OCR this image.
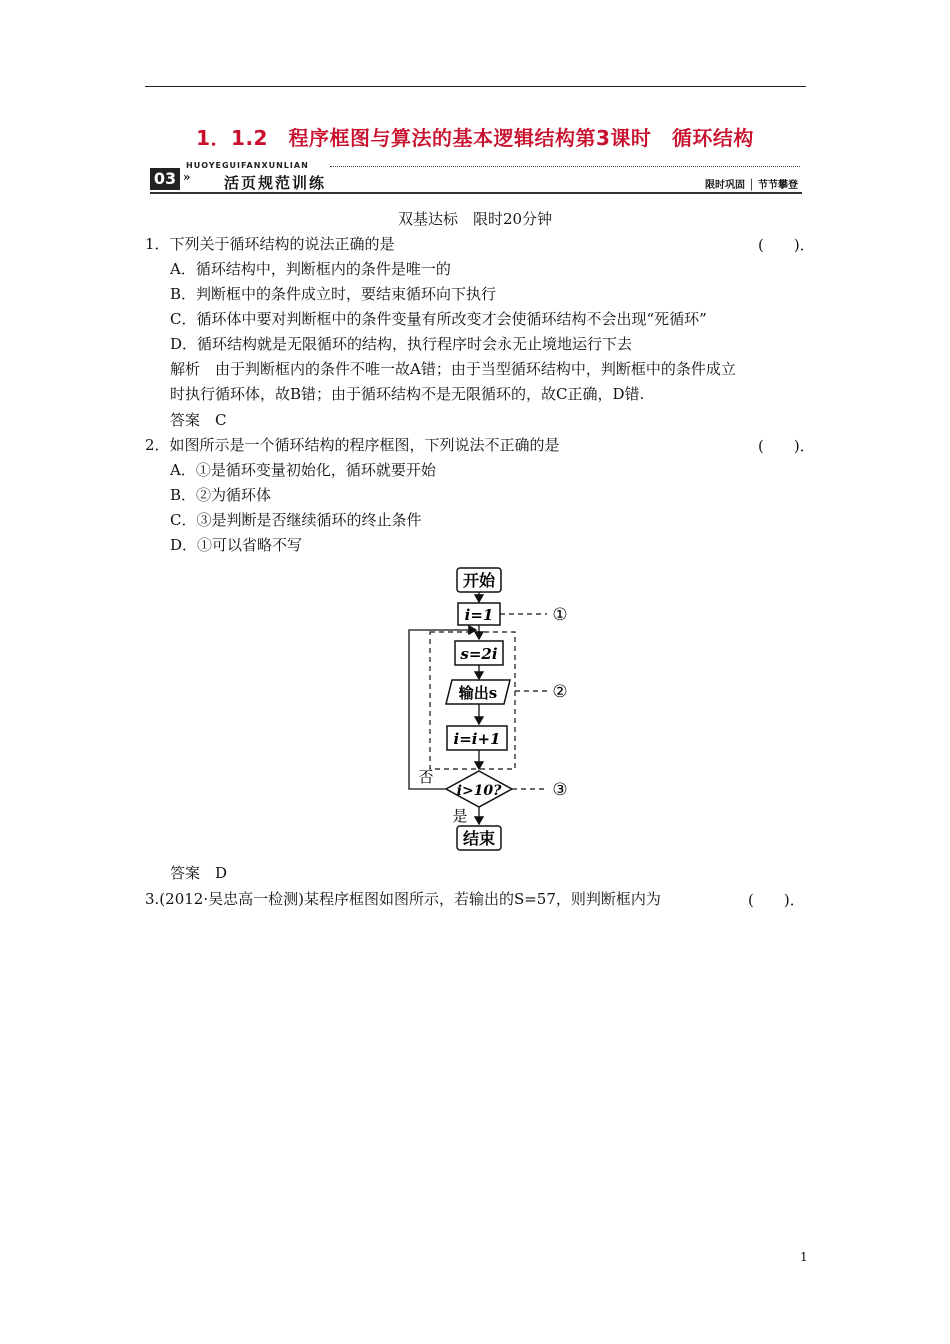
1．1.2　程序框图与算法的基本逻辑结构第3课时　循环结构
HUOYEGUIFANXUNLIAN
03 » 活页规范训练	限时巩固 │ 节节攀登
双基达标　限时20分钟
1．下列关于循环结构的说法正确的是	(　　)．
A．循环结构中，判断框内的条件是唯一的
B．判断框中的条件成立时，要结束循环向下执行
C．循环体中要对判断框中的条件变量有所改变才会使循环结构不会出现“死循环”
D．循环结构就是无限循环的结构，执行程序时会永无止境地运行下去
解析　由于判断框内的条件不唯一故A错；由于当型循环结构中，判断框中的条件成立
时执行循环体，故B错；由于循环结构不是无限循环的，故C正确，D错.
答案　C
2．如图所示是一个循环结构的程序框图，下列说法不正确的是	(　　)．
A．①是循环变量初始化，循环就要开始
B．②为循环体
C．③是判断是否继续循环的终止条件
D．①可以省略不写
开始
i=1	①
s=2i
输出s	②
i=i+1
i>10?	③
否
是
结束
答案　D
3.(2012·吴忠高一检测)某程序框图如图所示，若输出的S=57，则判断框内为	(　　)．
1
